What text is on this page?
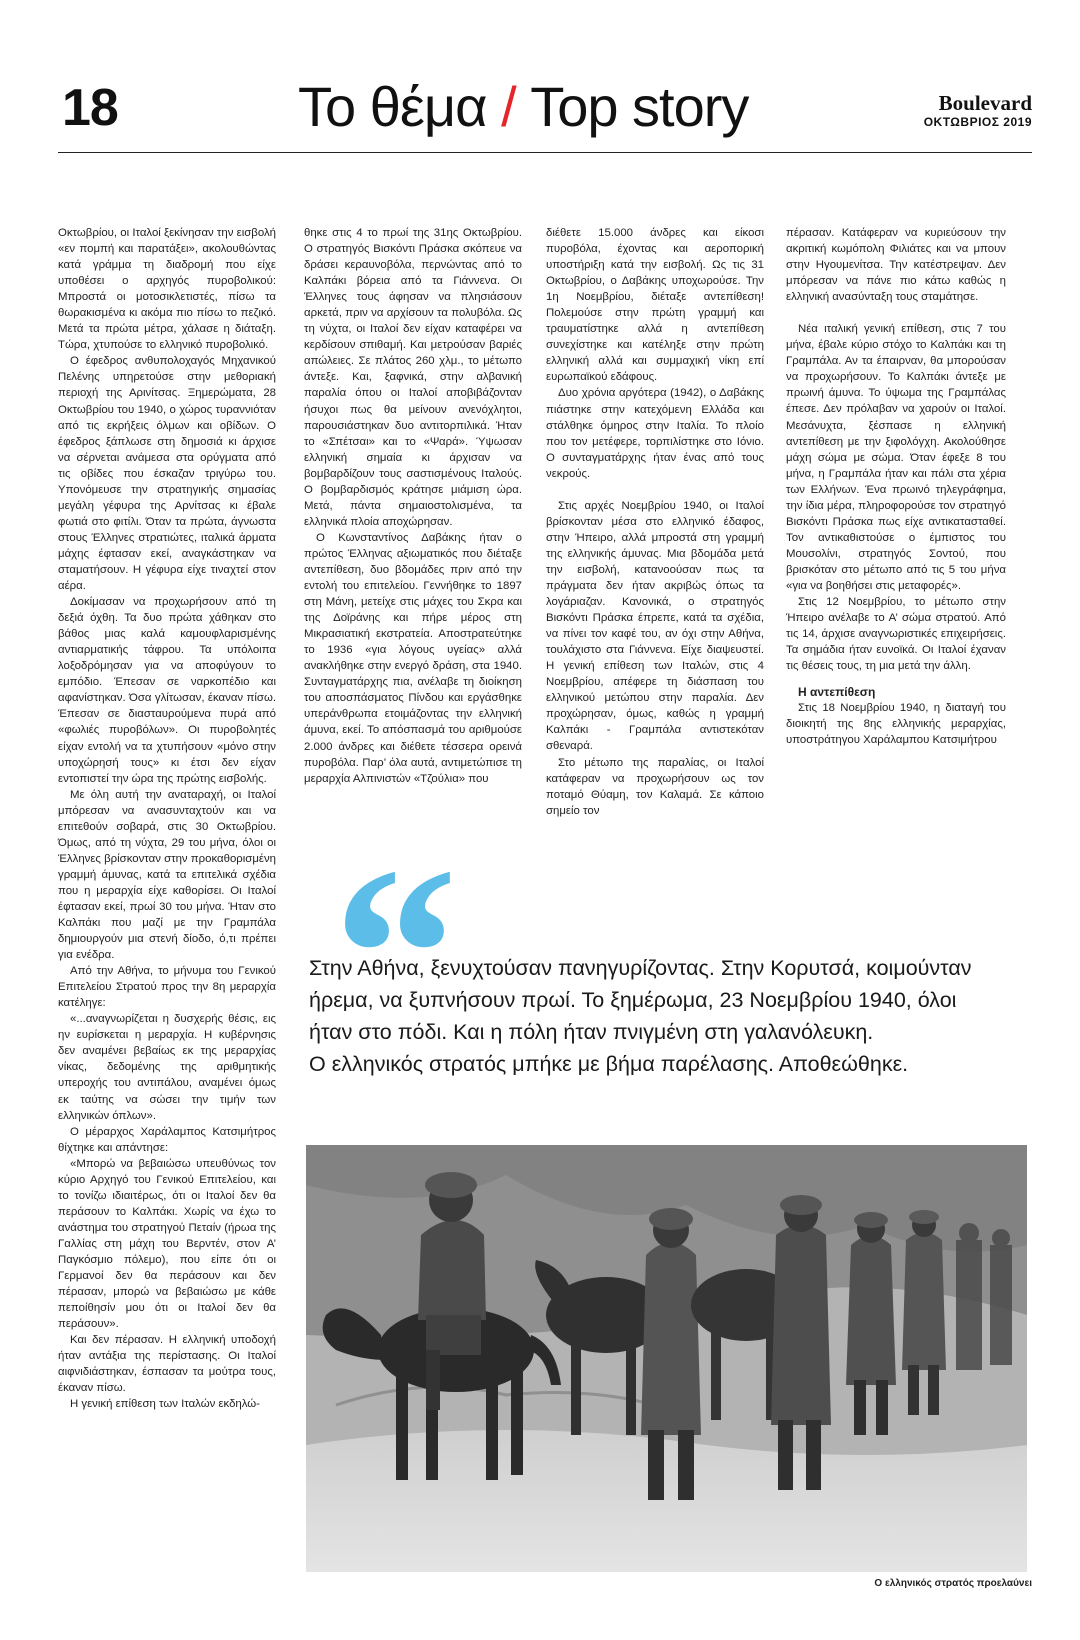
18	Το θέμα / Top story	Boulevard
ΟΚΤΩΒΡΙΟΣ 2019

Οκτωβρίου, οι Ιταλοί ξεκίνησαν την εισβολή «εν πομπή και παρατάξει», ακολουθώντας κατά γράμμα τη διαδρομή που είχε υποθέσει ο αρχηγός πυροβολικού: Μπροστά οι μοτοσικλετιστές, πίσω τα θωρακισμένα κι ακόμα πιο πίσω το πεζικό. Μετά τα πρώτα μέτρα, χάλασε η διάταξη. Τώρα, χτυπούσε το ελληνικό πυροβολικό.

Ο έφεδρος ανθυπολοχαγός Μηχανικού Πελένης υπηρετούσε στην μεθοριακή περιοχή της Αρινίτσας. Ξημερώματα, 28 Οκτωβρίου του 1940, ο χώρος τυραννιόταν από τις εκρήξεις όλμων και οβίδων. Ο έφεδρος ξάπλωσε στη δημοσιά κι άρχισε να σέρνεται ανάμεσα στα ορύγματα από τις οβίδες που έσκαζαν τριγύρω του. Υπονόμευσε την στρατηγικής σημασίας μεγάλη γέφυρα της Αρνίτσας κι έβαλε φωτιά στο φιτίλι. Όταν τα πρώτα, άγνωστα στους Έλληνες στρατιώτες, ιταλικά άρματα μάχης έφτασαν εκεί, αναγκάστηκαν να σταματήσουν. Η γέφυρα είχε τιναχτεί στον αέρα.

Δοκίμασαν να προχωρήσουν από τη δεξιά όχθη. Τα δυο πρώτα χάθηκαν στο βάθος μιας καλά καμουφλαρισμένης αντιαρματικής τάφρου. Τα υπόλοιπα λοξοδρόμησαν για να αποφύγουν το εμπόδιο. Έπεσαν σε ναρκοπέδιο και αφανίστηκαν. Όσα γλίτωσαν, έκαναν πίσω. Έπεσαν σε διασταυρούμενα πυρά από «φωλιές πυροβόλων». Οι πυροβολητές είχαν εντολή να τα χτυπήσουν «μόνο στην υποχώρησή τους» κι έτσι δεν είχαν εντοπιστεί την ώρα της πρώτης εισβολής.

Με όλη αυτή την αναταραχή, οι Ιταλοί μπόρεσαν να ανασυνταχτούν και να επιτεθούν σοβαρά, στις 30 Οκτωβρίου. Όμως, από τη νύχτα, 29 του μήνα, όλοι οι Έλληνες βρίσκονταν στην προκαθορισμένη γραμμή άμυνας, κατά τα επιτελικά σχέδια που η μεραρχία είχε καθορίσει. Οι Ιταλοί έφτασαν εκεί, πρωί 30 του μήνα. Ήταν στο Καλπάκι που μαζί με την Γραμπάλα δημιουργούν μια στενή δίοδο, ό,τι πρέπει για ενέδρα.

Από την Αθήνα, το μήνυμα του Γενικού Επιτελείου Στρατού προς την 8η μεραρχία κατέληγε:

«...αναγνωρίζεται η δυσχερής θέσις, εις ην ευρίσκεται η μεραρχία. Η κυβέρνησις δεν αναμένει βεβαίως εκ της μεραρχίας νίκας, δεδομένης της αριθμητικής υπεροχής του αντιπάλου, αναμένει όμως εκ ταύτης να σώσει την τιμήν των ελληνικών όπλων».

Ο μέραρχος Χαράλαμπος Κατσιμήτρος θίχτηκε και απάντησε:

«Μπορώ να βεβαιώσω υπευθύνως τον κύριο Αρχηγό του Γενικού Επιτελείου, και το τονίζω ιδιαιτέρως, ότι οι Ιταλοί δεν θα περάσουν το Καλπάκι. Χωρίς να έχω το ανάστημα του στρατηγού Πεταίν (ήρωα της Γαλλίας στη μάχη του Βερντέν, στον Α’ Παγκόσμιο πόλεμο), που είπε ότι οι Γερμανοί δεν θα περάσουν και δεν πέρασαν, μπορώ να βεβαιώσω με κάθε πεποίθησίν μου ότι οι Ιταλοί δεν θα περάσουν».

Και δεν πέρασαν. Η ελληνική υποδοχή ήταν αντάξια της περίστασης. Οι Ιταλοί αιφνιδιάστηκαν, έσπασαν τα μούτρα τους, έκαναν πίσω.

Η γενική επίθεση των Ιταλών εκδηλώ-

θηκε στις 4 το πρωί της 31ης Οκτωβρίου. Ο στρατηγός Βισκόντι Πράσκα σκόπευε να δράσει κεραυνοβόλα, περνώντας από το Καλπάκι βόρεια από τα Γιάννενα. Οι Έλληνες τους άφησαν να πλησιάσουν αρκετά, πριν να αρχίσουν τα πολυβόλα. Ως τη νύχτα, οι Ιταλοί δεν είχαν καταφέρει να κερδίσουν σπιθαμή. Και μετρούσαν βαριές απώλειες. Σε πλάτος 260 χλμ., το μέτωπο άντεξε. Και, ξαφνικά, στην αλβανική παραλία όπου οι Ιταλοί αποβιβάζονταν ήσυχοι πως θα μείνουν ανενόχλητοι, παρουσιάστηκαν δυο αντιτορπιλικά. Ήταν το «Σπέτσαι» και το «Ψαρά». Ύψωσαν ελληνική σημαία κι άρχισαν να βομβαρδίζουν τους σαστισμένους Ιταλούς. Ο βομβαρδισμός κράτησε μιάμιση ώρα. Μετά, πάντα σημαιοστολισμένα, τα ελληνικά πλοία αποχώρησαν.

Ο Κωνσταντίνος Δαβάκης ήταν ο πρώτος Έλληνας αξιωματικός που διέταξε αντεπίθεση, δυο βδομάδες πριν από την εντολή του επιτελείου. Γεννήθηκε το 1897 στη Μάνη, μετείχε στις μάχες του Σκρα και της Δοϊράνης και πήρε μέρος στη Μικρασιατική εκστρατεία. Αποστρατεύτηκε το 1936 «για λόγους υγείας» αλλά ανακλήθηκε στην ενεργό δράση, στα 1940. Συνταγματάρχης πια, ανέλαβε τη διοίκηση του αποσπάσματος Πίνδου και εργάσθηκε υπεράνθρωπα ετοιμάζοντας την ελληνική άμυνα, εκεί. Το απόσπασμά του αριθμούσε 2.000 άνδρες και διέθετε τέσσερα ορεινά πυροβόλα. Παρ’ όλα αυτά, αντιμετώπισε τη μεραρχία Αλπινιστών «Τζούλια» που

διέθετε 15.000 άνδρες και είκοσι πυροβόλα, έχοντας και αεροπορική υποστήριξη κατά την εισβολή. Ως τις 31 Οκτωβρίου, ο Δαβάκης υποχωρούσε. Την 1η Νοεμβρίου, διέταξε αντεπίθεση! Πολεμούσε στην πρώτη γραμμή και τραυματίστηκε αλλά η αντεπίθεση συνεχίστηκε και κατέληξε στην πρώτη ελληνική αλλά και συμμαχική νίκη επί ευρωπαϊκού εδάφους.

Δυο χρόνια αργότερα (1942), ο Δαβάκης πιάστηκε στην κατεχόμενη Ελλάδα και στάλθηκε όμηρος στην Ιταλία. Το πλοίο που τον μετέφερε, τορπιλίστηκε στο Ιόνιο. Ο συνταγματάρχης ήταν ένας από τους νεκρούς.

Στις αρχές Νοεμβρίου 1940, οι Ιταλοί βρίσκονταν μέσα στο ελληνικό έδαφος, στην Ήπειρο, αλλά μπροστά στη γραμμή της ελληνικής άμυνας. Μια βδομάδα μετά την εισβολή, κατανοούσαν πως τα πράγματα δεν ήταν ακριβώς όπως τα λογάριαζαν. Κανονικά, ο στρατηγός Βισκόντι Πράσκα έπρεπε, κατά τα σχέδια, να πίνει τον καφέ του, αν όχι στην Αθήνα, τουλάχιστο στα Γιάννενα. Είχε διαψευστεί. Η γενική επίθεση των Ιταλών, στις 4 Νοεμβρίου, απέφερε τη διάσπαση του ελληνικού μετώπου στην παραλία. Δεν προχώρησαν, όμως, καθώς η γραμμή Καλπάκι - Γραμπάλα αντιστεκόταν σθεναρά.

Στο μέτωπο της παραλίας, οι Ιταλοί κατάφεραν να προχωρήσουν ως τον ποταμό Θύαμη, τον Καλαμά. Σε κάποιο σημείο τον

πέρασαν. Κατάφεραν να κυριεύσουν την ακριτική κωμόπολη Φιλιάτες και να μπουν στην Ηγουμενίτσα. Την κατέστρεψαν. Δεν μπόρεσαν να πάνε πιο κάτω καθώς η ελληνική ανασύνταξη τους σταμάτησε.

Νέα ιταλική γενική επίθεση, στις 7 του μήνα, έβαλε κύριο στόχο το Καλπάκι και τη Γραμπάλα. Αν τα έπαιρναν, θα μπορούσαν να προχωρήσουν. Το Καλπάκι άντεξε με πρωινή άμυνα. Το ύψωμα της Γραμπάλας έπεσε. Δεν πρόλαβαν να χαρούν οι Ιταλοί. Μεσάνυχτα, ξέσπασε η ελληνική αντεπίθεση με την ξιφολόγχη. Ακολούθησε μάχη σώμα με σώμα. Όταν έφεξε 8 του μήνα, η Γραμπάλα ήταν και πάλι στα χέρια των Ελλήνων. Ένα πρωινό τηλεγράφημα, την ίδια μέρα, πληροφορούσε τον στρατηγό Βισκόντι Πράσκα πως είχε αντικατασταθεί. Τον αντικαθιστούσε ο έμπιστος του Μουσολίνι, στρατηγός Σοντού, που βρισκόταν στο μέτωπο από τις 5 του μήνα «για να βοηθήσει στις μεταφορές».

Στις 12 Νοεμβρίου, το μέτωπο στην Ήπειρο ανέλαβε το Α’ σώμα στρατού. Από τις 14, άρχισε αναγνωριστικές επιχειρήσεις. Τα σημάδια ήταν ευνοϊκά. Οι Ιταλοί έχαναν τις θέσεις τους, τη μια μετά την άλλη.

Η αντεπίθεση

Στις 18 Νοεμβρίου 1940, η διαταγή του διοικητή της 8ης ελληνικής μεραρχίας, υποστράτηγου Χαράλαμπου Κατσιμήτρου

“
Στην Αθήνα, ξενυχτούσαν πανηγυρίζοντας. Στην Κορυτσά, κοιμούνταν
ήρεμα, να ξυπνήσουν πρωί. Το ξημέρωμα, 23 Νοεμβρίου 1940, όλοι
ήταν στο πόδι. Και η πόλη ήταν πνιγμένη στη γαλανόλευκη.
Ο ελληνικός στρατός μπήκε με βήμα παρέλασης. Αποθεώθηκε.
Ο ελληνικός στρατός προελαύνει
